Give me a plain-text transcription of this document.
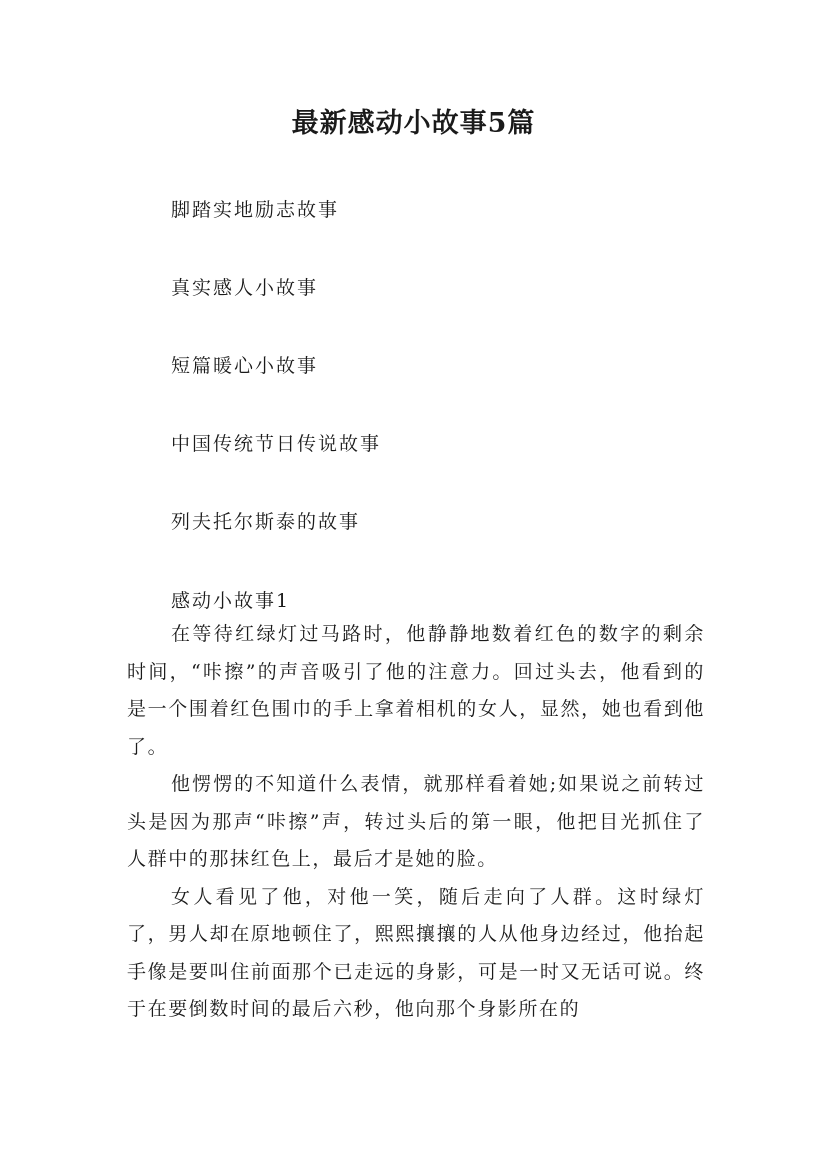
最新感动小故事5篇
脚踏实地励志故事
真实感人小故事
短篇暖心小故事
中国传统节日传说故事
列夫托尔斯泰的故事
感动小故事1

在等待红绿灯过马路时，他静静地数着红色的数字的剩余时间，“咔擦”的声音吸引了他的注意力。回过头去，他看到的是一个围着红色围巾的手上拿着相机的女人，显然，她也看到他了。

他愣愣的不知道什么表情，就那样看着她;如果说之前转过头是因为那声“咔擦”声，转过头后的第一眼，他把目光抓住了人群中的那抹红色上，最后才是她的脸。

女人看见了他，对他一笑，随后走向了人群。这时绿灯了，男人却在原地顿住了，熙熙攘攘的人从他身边经过，他抬起手像是要叫住前面那个已走远的身影，可是一时又无话可说。终于在要倒数时间的最后六秒，他向那个身影所在的
